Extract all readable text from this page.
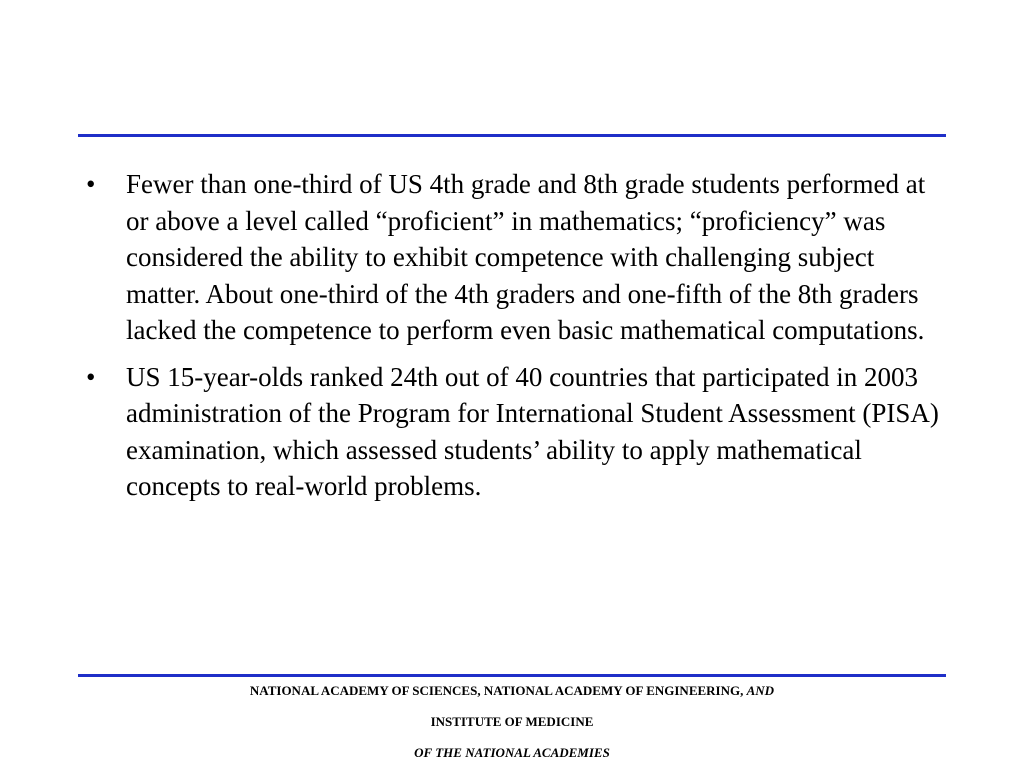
•	Fewer than one-third of US 4th grade and 8th grade students performed at or above a level called “proficient” in mathematics; “proficiency” was considered the ability to exhibit competence with challenging subject matter. About one-third of the 4th graders and one-fifth of the 8th graders lacked the competence to perform even basic mathematical computations.
•	US 15-year-olds ranked 24th out of 40 countries that participated in 2003 administration of the Program for International Student Assessment (PISA) examination, which assessed students’ ability to apply mathematical concepts to real-world problems.
NATIONAL ACADEMY OF SCIENCES, NATIONAL ACADEMY OF ENGINEERING, AND
INSTITUTE OF MEDICINE
OF THE NATIONAL ACADEMIES
